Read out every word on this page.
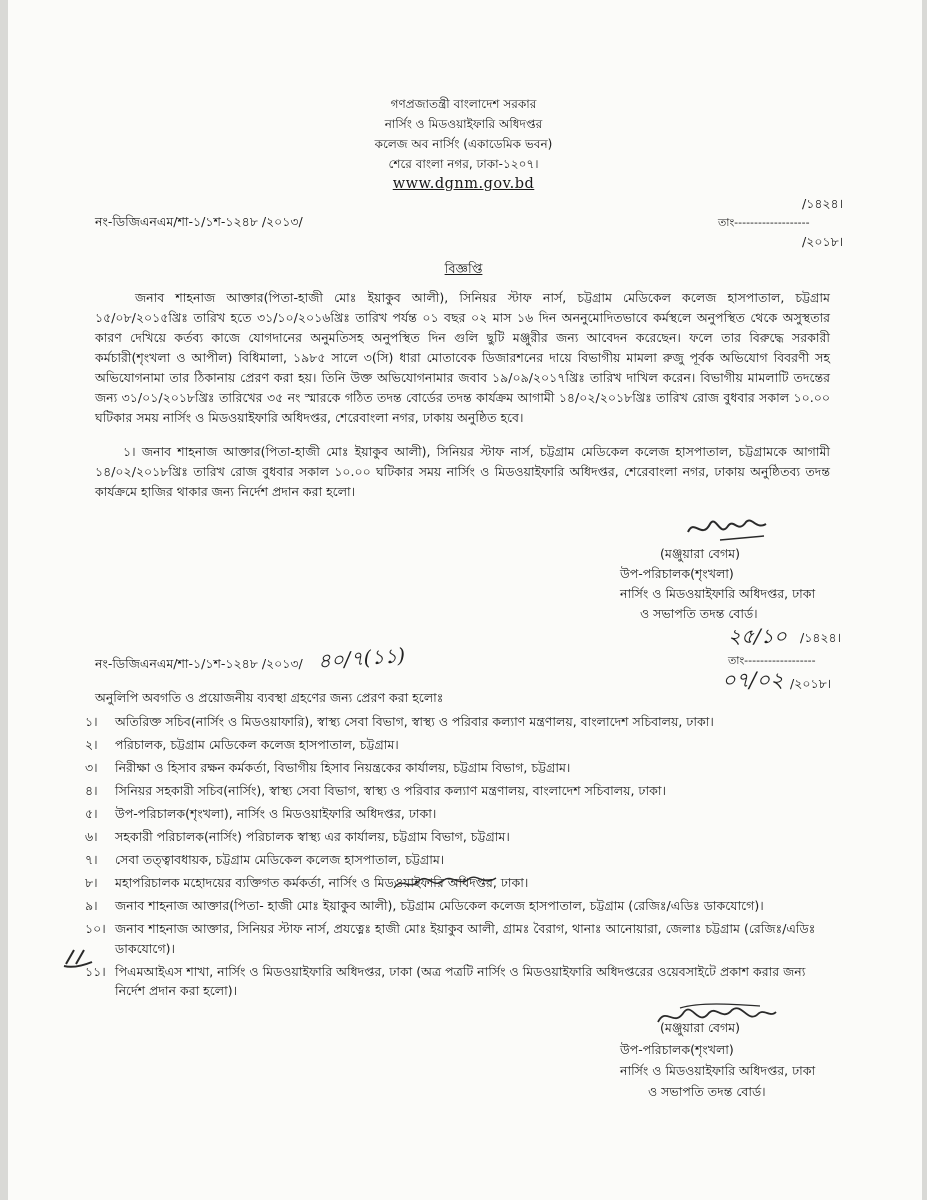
গণপ্রজাতন্ত্রী বাংলাদেশ সরকার
নার্সিং ও মিডওয়াইফারি অধিদপ্তর
কলেজ অব নার্সিং (একাডেমিক ভবন)
শেরে বাংলা নগর, ঢাকা-১২০৭।
www.dgnm.gov.bd
নং-ডিজিএনএম/শা-১/১শ-১২৪৮ /২০১৩/
/১৪২৪।
তাং-------------------
/২০১৮।
বিজ্ঞপ্তি
জনাব শাহনাজ আক্তার(পিতা-হাজী মোঃ ইয়াকুব আলী), সিনিয়র স্টাফ নার্স, চট্টগ্রাম মেডিকেল কলেজ হাসপাতাল, চট্টগ্রাম ১৫/০৮/২০১৫খ্রিঃ তারিখ হতে ৩১/১০/২০১৬খ্রিঃ তারিখ পর্যন্ত ০১ বছর ০২ মাস ১৬ দিন অননুমোদিতভাবে কর্মস্থলে অনুপস্থিত থেকে অসুস্থতার কারণ দেখিয়ে কর্তব্য কাজে যোগদানের অনুমতিসহ অনুপস্থিত দিন গুলি ছুটি মঞ্জুরীর জন্য আবেদন করেছেন। ফলে তার বিরুদ্ধে সরকারী কর্মচারী(শৃংখলা ও আপীল) বিধিমালা, ১৯৮৫ সালে ৩(সি) ধারা মোতাবেক ডিজারশনের দায়ে বিভাগীয় মামলা রুজু পূর্বক অভিযোগ বিবরণী সহ অভিযোগনামা তার ঠিকানায় প্রেরণ করা হয়। তিনি উক্ত অভিযোগনামার জবাব ১৯/০৯/২০১৭খ্রিঃ তারিখ দাখিল করেন। বিভাগীয় মামলাটি তদন্তের জন্য ৩১/০১/২০১৮খ্রিঃ তারিখের ৩৫ নং স্মারকে গঠিত তদন্ত বোর্ডের তদন্ত কার্যক্রম আগামী ১৪/০২/২০১৮খ্রিঃ তারিখ রোজ বুধবার সকাল ১০.০০ ঘটিকার সময় নার্সিং ও মিডওয়াইফারি অধিদপ্তর, শেরেবাংলা নগর, ঢাকায় অনুষ্ঠিত হবে।
১। জনাব শাহনাজ আক্তার(পিতা-হাজী মোঃ ইয়াকুব আলী), সিনিয়র স্টাফ নার্স, চট্টগ্রাম মেডিকেল কলেজ হাসপাতাল, চট্টগ্রামকে আগামী ১৪/০২/২০১৮খ্রিঃ তারিখ রোজ বুধবার সকাল ১০.০০ ঘটিকার সময় নার্সিং ও মিডওয়াইফারি অধিদপ্তর, শেরেবাংলা নগর, ঢাকায় অনুষ্ঠিতব্য তদন্ত কার্যক্রমে হাজির থাকার জন্য নির্দেশ প্রদান করা হলো।
(মঞ্জুয়ারা বেগম)
উপ-পরিচালক(শৃংখলা)
নার্সিং ও মিডওয়াইফারি অধিদপ্তর, ঢাকা
ও সভাপতি তদন্ত বোর্ড।
নং-ডিজিএনএম/শা-১/১শ-১২৪৮ /২০১৩/ ৪০/৭(১১)
২৫/১০ /১৪২৪।
তাং------------------
০৭/০২ /২০১৮।
অনুলিপি অবগতি ও প্রয়োজনীয় ব্যবস্থা গ্রহণের জন্য প্রেরণ করা হলোঃ
১। অতিরিক্ত সচিব(নার্সিং ও মিডওয়াফারি), স্বাস্থ্য সেবা বিভাগ, স্বাস্থ্য ও পরিবার কল্যাণ মন্ত্রণালয়, বাংলাদেশ সচিবালয়, ঢাকা।
২। পরিচালক, চট্টগ্রাম মেডিকেল কলেজ হাসপাতাল, চট্টগ্রাম।
৩। নিরীক্ষা ও হিসাব রক্ষন কর্মকর্তা, বিভাগীয় হিসাব নিয়ন্ত্রকের কার্যালয়, চট্টগ্রাম বিভাগ, চট্টগ্রাম।
৪। সিনিয়র সহকারী সচিব(নার্সিং), স্বাস্থ্য সেবা বিভাগ, স্বাস্থ্য ও পরিবার কল্যাণ মন্ত্রণালয়, বাংলাদেশ সচিবালয়, ঢাকা।
৫। উপ-পরিচালক(শৃংখলা), নার্সিং ও মিডওয়াইফারি অধিদপ্তর, ঢাকা।
৬। সহকারী পরিচালক(নার্সিং) পরিচালক স্বাস্থ্য এর কার্যালয়, চট্টগ্রাম বিভাগ, চট্টগ্রাম।
৭। সেবা তত্ত্বাবধায়ক, চট্টগ্রাম মেডিকেল কলেজ হাসপাতাল, চট্টগ্রাম।
৮। মহাপরিচালক মহোদয়ের ব্যক্তিগত কর্মকর্তা, নার্সিং ও মিডওয়াইফারি অধিদপ্তর, ঢাকা।
৯। জনাব শাহনাজ আক্তার(পিতা- হাজী মোঃ ইয়াকুব আলী), চট্টগ্রাম মেডিকেল কলেজ হাসপাতাল, চট্টগ্রাম (রেজিঃ/এডিঃ ডাকযোগে)।
১০। জনাব শাহনাজ আক্তার, সিনিয়র স্টাফ নার্স, প্রযত্নেঃ হাজী মোঃ ইয়াকুব আলী, গ্রামঃ বৈরাগ, থানাঃ আনোয়ারা, জেলাঃ চট্টগ্রাম (রেজিঃ/এডিঃ ডাকযোগে)।
১১। পিএমআইএস শাখা, নার্সিং ও মিডওয়াইফারি অধিদপ্তর, ঢাকা (অত্র পত্রটি নার্সিং ও মিডওয়াইফারি অধিদপ্তরের ওয়েবসাইটে প্রকাশ করার জন্য নির্দেশ প্রদান করা হলো)।
(মঞ্জুয়ারা বেগম)
উপ-পরিচালক(শৃংখলা)
নার্সিং ও মিডওয়াইফারি অধিদপ্তর, ঢাকা
ও সভাপতি তদন্ত বোর্ড।
